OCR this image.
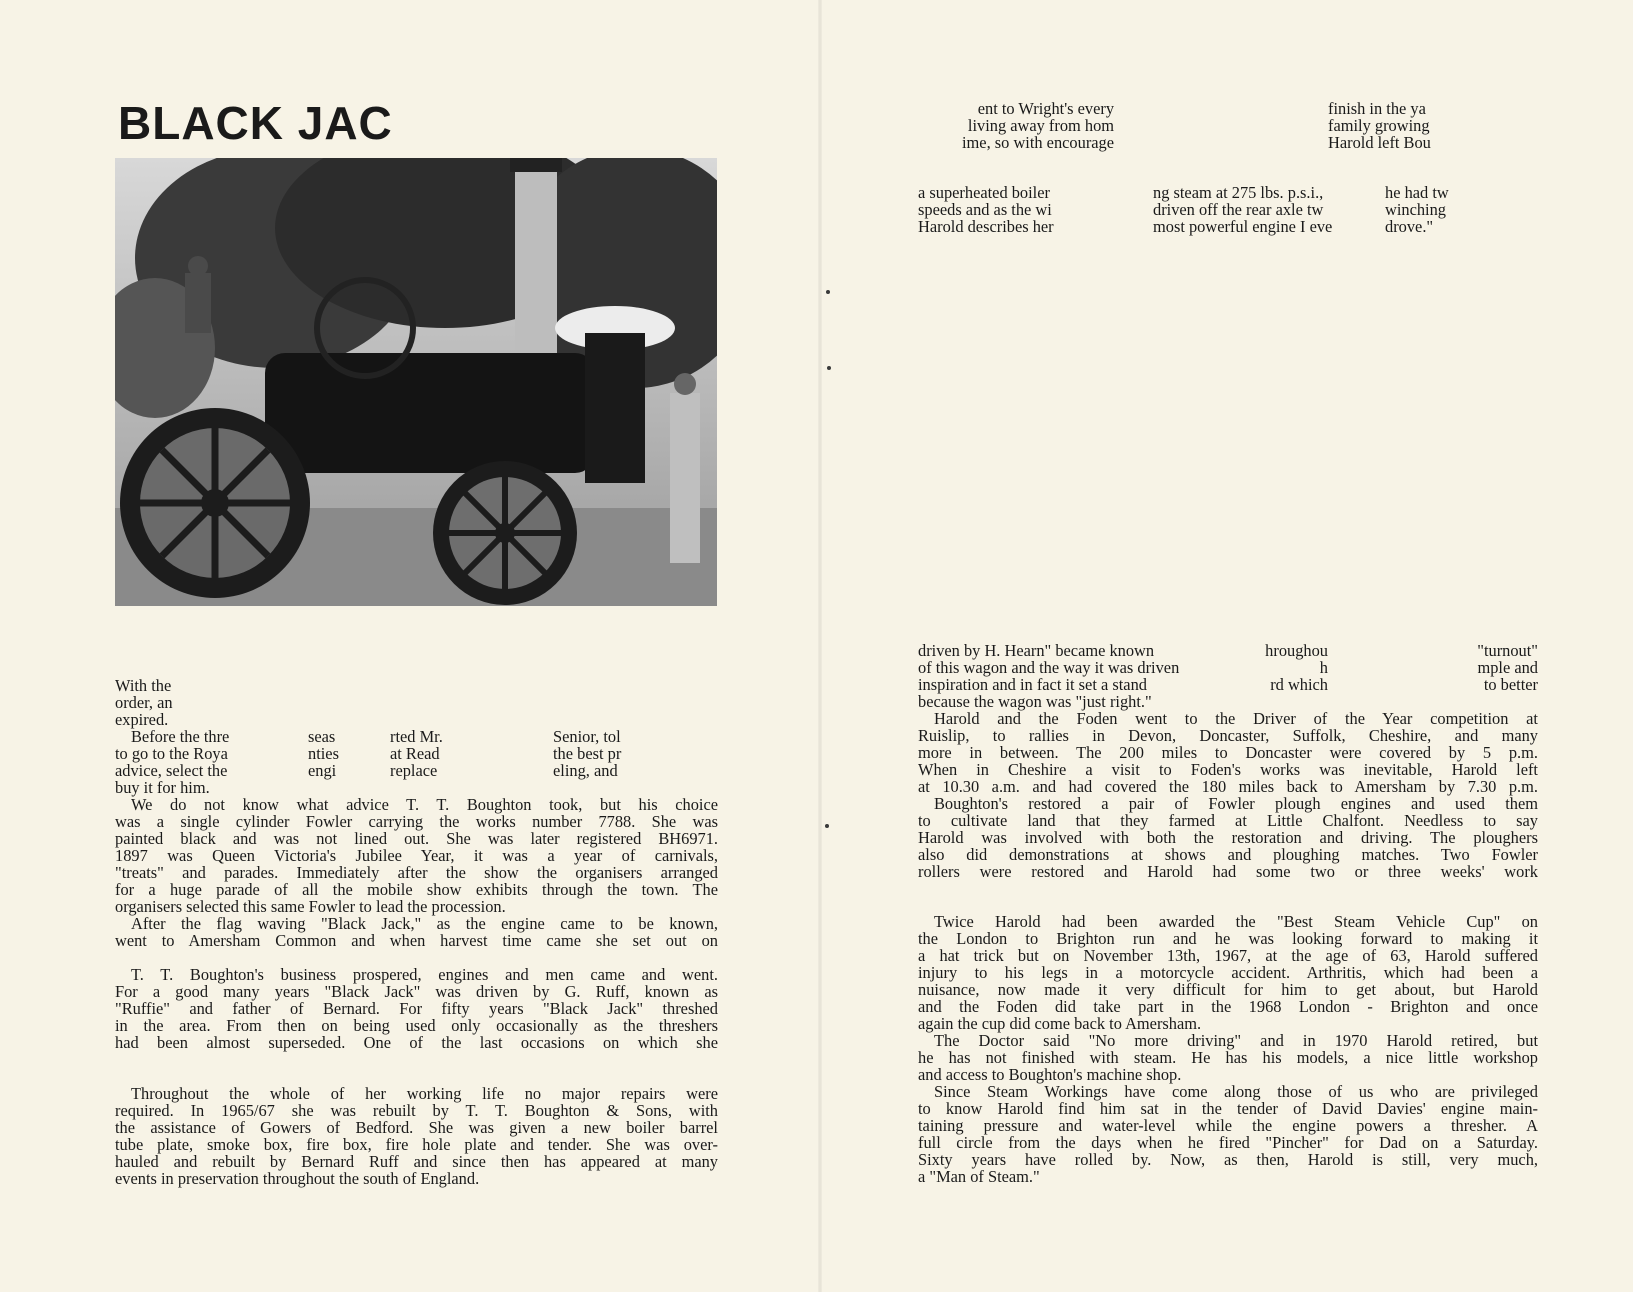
BLACK JAC
With the
order, an
expired.
Before the thre
to go to the Roya
advice, select the
buy it for him.
seas
nties
engi
rted Mr.
at Read
replace
Senior, tol
the best pr
eling, and
We do not know what advice T. T. Boughton took, but his choice
was a single cylinder Fowler carrying the works number 7788. She was
painted black and was not lined out. She was later registered BH6971.
1897 was Queen Victoria's Jubilee Year, it was a year of carnivals,
"treats" and parades. Immediately after the show the organisers arranged
for a huge parade of all the mobile show exhibits through the town. The
organisers selected this same Fowler to lead the procession.
After the flag waving "Black Jack," as the engine came to be known,
went to Amersham Common and when harvest time came she set out on
T. T. Boughton's business prospered, engines and men came and went.
For a good many years "Black Jack" was driven by G. Ruff, known as
"Ruffie" and father of Bernard. For fifty years "Black Jack" threshed
in the area. From then on being used only occasionally as the threshers
had been almost superseded. One of the last occasions on which she
Throughout the whole of her working life no major repairs were
required. In 1965/67 she was rebuilt by T. T. Boughton & Sons, with
the assistance of Gowers of Bedford. She was given a new boiler barrel
tube plate, smoke box, fire box, fire hole plate and tender. She was over-
hauled and rebuilt by Bernard Ruff and since then has appeared at many
events in preservation throughout the south of England.
ent to Wright's every
living away from hom
ime, so with encourage
finish in the ya
family growing
Harold left Bou
a superheated boiler
speeds and as the wi
Harold describes her
ng steam at 275 lbs. p.s.i.,
driven off the rear axle tw
most powerful engine I eve
he had tw
winching
drove."
driven by H. Hearn" became known
of this wagon and the way it was driven
inspiration and in fact it set a stand
because the wagon was "just right."
hroughou
h
rd which
"turnout"
mple and
to better
Harold and the Foden went to the Driver of the Year competition at
Ruislip, to rallies in Devon, Doncaster, Suffolk, Cheshire, and many
more in between. The 200 miles to Doncaster were covered by 5 p.m.
When in Cheshire a visit to Foden's works was inevitable, Harold left
at 10.30 a.m. and had covered the 180 miles back to Amersham by 7.30 p.m.
Boughton's restored a pair of Fowler plough engines and used them
to cultivate land that they farmed at Little Chalfont. Needless to say
Harold was involved with both the restoration and driving. The ploughers
also did demonstrations at shows and ploughing matches. Two Fowler
rollers were restored and Harold had some two or three weeks' work
Twice Harold had been awarded the "Best Steam Vehicle Cup" on
the London to Brighton run and he was looking forward to making it
a hat trick but on November 13th, 1967, at the age of 63, Harold suffered
injury to his legs in a motorcycle accident. Arthritis, which had been a
nuisance, now made it very difficult for him to get about, but Harold
and the Foden did take part in the 1968 London - Brighton and once
again the cup did come back to Amersham.
The Doctor said "No more driving" and in 1970 Harold retired, but
he has not finished with steam. He has his models, a nice little workshop
and access to Boughton's machine shop.
Since Steam Workings have come along those of us who are privileged
to know Harold find him sat in the tender of David Davies' engine main-
taining pressure and water-level while the engine powers a thresher. A
full circle from the days when he fired "Pincher" for Dad on a Saturday.
Sixty years have rolled by. Now, as then, Harold is still, very much,
a "Man of Steam."
